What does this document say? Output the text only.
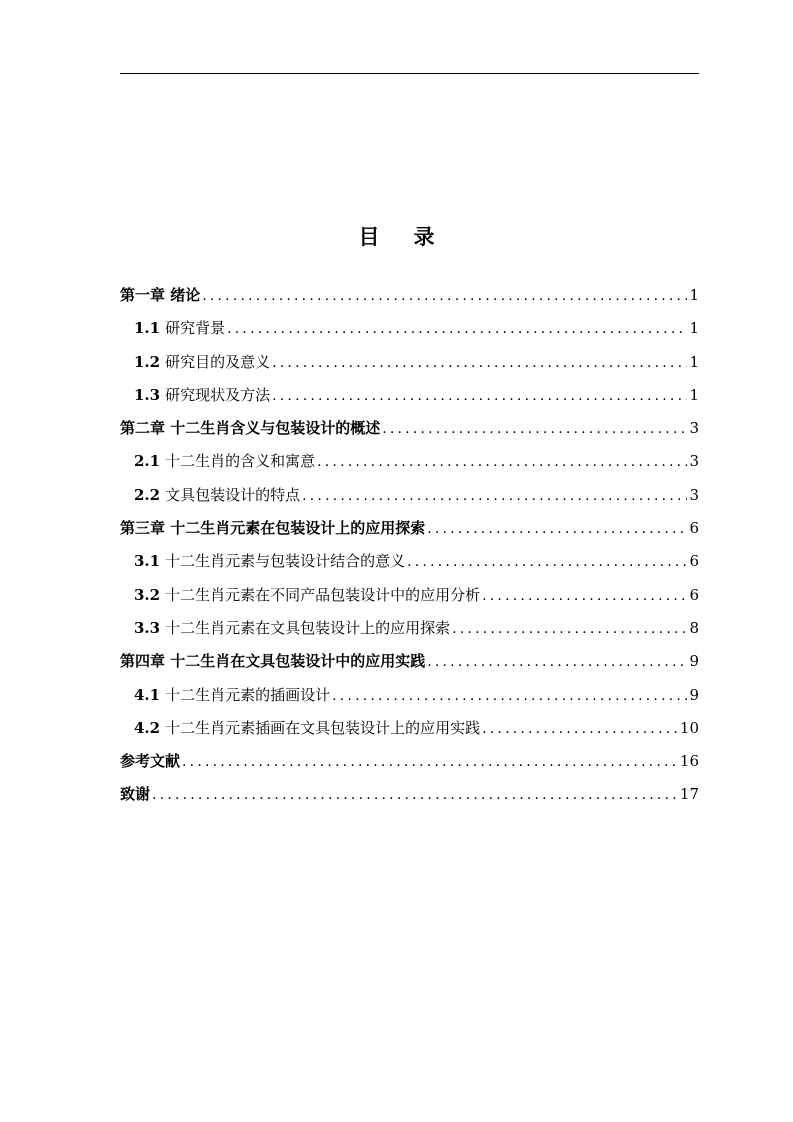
目 录
第一章 绪论 .....	1
1.1 研究背景 .....	1
1.2 研究目的及意义 .....	1
1.3 研究现状及方法 .....	1
第二章 十二生肖含义与包装设计的概述 .....	3
2.1 十二生肖的含义和寓意 .....	3
2.2 文具包装设计的特点 .....	3
第三章 十二生肖元素在包装设计上的应用探索 .....	6
3.1 十二生肖元素与包装设计结合的意义 .....	6
3.2 十二生肖元素在不同产品包装设计中的应用分析 .....	6
3.3 十二生肖元素在文具包装设计上的应用探索 .....	8
第四章 十二生肖在文具包装设计中的应用实践 .....	9
4.1 十二生肖元素的插画设计 .....	9
4.2 十二生肖元素插画在文具包装设计上的应用实践 .....	10
参考文献 .....	16
致谢 .....	17
